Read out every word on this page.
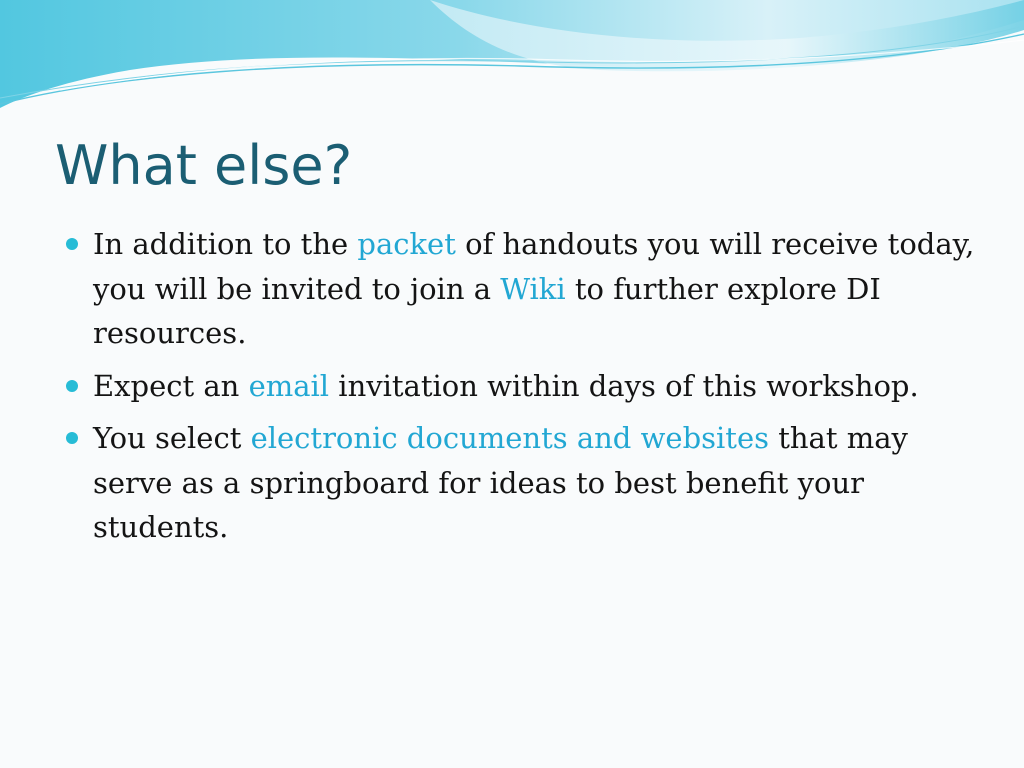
What else?
In addition to the packet of handouts you will receive today, you will be invited to join a Wiki to further explore DI resources.
Expect an email invitation within days of this workshop.
You select electronic documents and websites that may serve as a springboard for ideas to best benefit your students.
